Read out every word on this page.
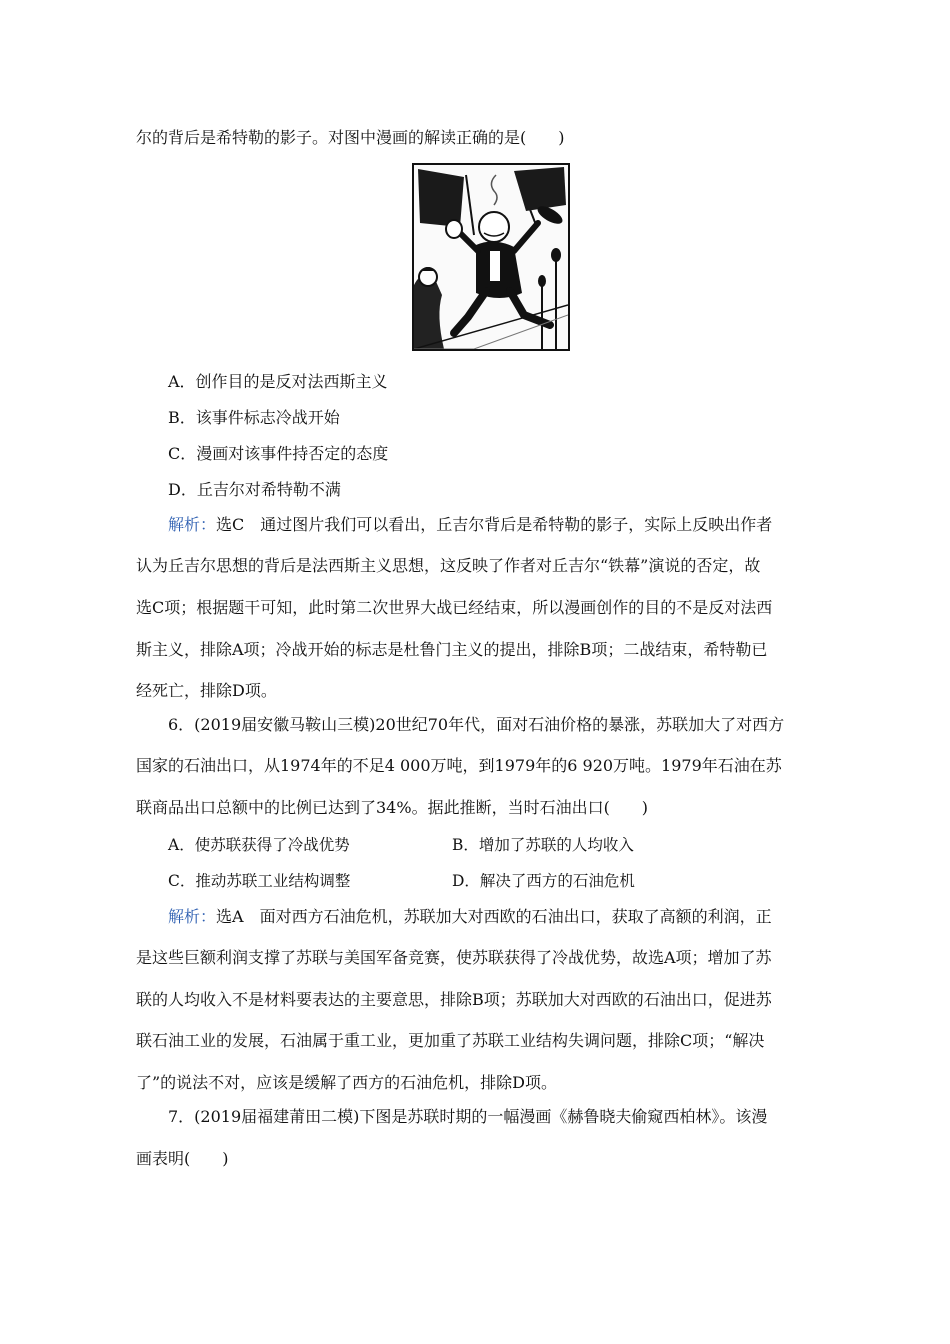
尔的背后是希特勒的影子。对图中漫画的解读正确的是(　　)
A．创作目的是反对法西斯主义
B．该事件标志冷战开始
C．漫画对该事件持否定的态度
D．丘吉尔对希特勒不满
解析：选C　通过图片我们可以看出，丘吉尔背后是希特勒的影子，实际上反映出作者
认为丘吉尔思想的背后是法西斯主义思想，这反映了作者对丘吉尔“铁幕”演说的否定，故
选C项；根据题干可知，此时第二次世界大战已经结束，所以漫画创作的目的不是反对法西
斯主义，排除A项；冷战开始的标志是杜鲁门主义的提出，排除B项；二战结束，希特勒已
经死亡，排除D项。
6．(2019届安徽马鞍山三模)20世纪70年代，面对石油价格的暴涨，苏联加大了对西方
国家的石油出口，从1974年的不足4 000万吨，到1979年的6 920万吨。1979年石油在苏
联商品出口总额中的比例已达到了34%。据此推断，当时石油出口(　　)
A．使苏联获得了冷战优势	B．增加了苏联的人均收入
C．推动苏联工业结构调整	D．解决了西方的石油危机
解析：选A　面对西方石油危机，苏联加大对西欧的石油出口，获取了高额的利润，正
是这些巨额利润支撑了苏联与美国军备竞赛，使苏联获得了冷战优势，故选A项；增加了苏
联的人均收入不是材料要表达的主要意思，排除B项；苏联加大对西欧的石油出口，促进苏
联石油工业的发展，石油属于重工业，更加重了苏联工业结构失调问题，排除C项；“解决
了”的说法不对，应该是缓解了西方的石油危机，排除D项。
7．(2019届福建莆田二模)下图是苏联时期的一幅漫画《赫鲁晓夫偷窥西柏林》。该漫
画表明(　　)
